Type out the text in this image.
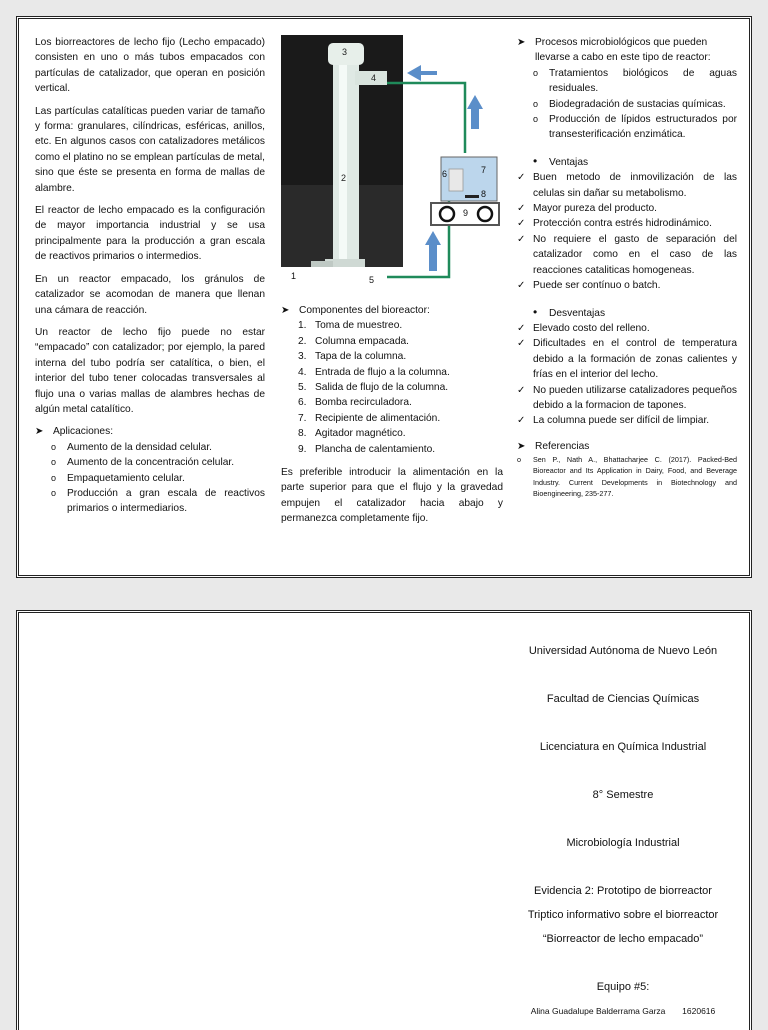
Los biorreactores de lecho fijo (Lecho empacado) consisten en uno o más tubos empacados con partículas de catalizador, que operan en posición vertical.

Las partículas catalíticas pueden variar de tamaño y forma: granulares, cilíndricas, esféricas, anillos, etc. En algunos casos con catalizadores metálicos como el platino no se emplean partículas de metal, sino que éste se presenta en forma de mallas de alambre.

El reactor de lecho empacado es la configuración de mayor importancia industrial y se usa principalmente para la producción a gran escala de reactivos primarios o intermedios.

En un reactor empacado, los gránulos de catalizador se acomodan de manera que llenan una cámara de reacción.

Un reactor de lecho fijo puede no estar “empacado” con catalizador; por ejemplo, la pared interna del tubo podría ser catalítica, o bien, el interior del tubo tener colocadas transversales al flujo una o varias mallas de alambres hechas de algún metal catalítico.

➤ Aplicaciones:
o Aumento de la densidad celular.
o Aumento de la concentración celular.
o Empaquetamiento celular.
o Producción a gran escala de reactivos primarios o intermediarios.
3
4
2	6	7
8
9
5
1
➤ Componentes del bioreactor:
1. Toma de muestreo.
2. Columna empacada.
3. Tapa de la columna.
4. Entrada de flujo a la columna.
5. Salida de flujo de la columna.
6. Bomba recirculadora.
7. Recipiente de alimentación.
8. Agitador magnético.
9. Plancha de calentamiento.

Es preferible introducir la alimentación en la parte superior para que el flujo y la gravedad empujen el catalizador hacia abajo y permanezca completamente fijo.

➤ Procesos microbiológicos que pueden llevarse a cabo en este tipo de reactor:
o Tratamientos biológicos de aguas residuales.
o Biodegradación de sustacias químicas.
o Producción de lípidos estructurados por transesterificación enzimática.
• Ventajas
✓ Buen metodo de inmovilización de las celulas sin dañar su metabolismo.
✓ Mayor pureza del producto.
✓ Protección contra estrés hidrodinámico.
✓ No requiere el gasto de separación del catalizador como en el caso de las reacciones cataliticas homogeneas.
✓ Puede ser contínuo o batch.
• Desventajas
✓ Elevado costo del relleno.
✓ Dificultades en el control de temperatura debido a la formación de zonas calientes y frías en el interior del lecho.
✓ No pueden utilizarse catalizadores pequeños debido a la formacion de tapones.
✓ La columna puede ser difícil de limpiar.
➤ Referencias
o Sen P., Nath A., Bhattacharjee C. (2017). Packed-Bed Bioreactor and Its Application in Dairy, Food, and Beverage Industry. Current Developments in Biotechnology and Bioengineering, 235-277.
Universidad Autónoma de Nuevo León
Facultad de Ciencias Químicas
Licenciatura en Química Industrial
8° Semestre
Microbiología Industrial
Evidencia 2: Prototipo de biorreactor
Triptico informativo sobre el biorreactor
“Biorreactor de lecho empacado”
Equipo #5:
Alina Guadalupe Balderrama Garza 1620616
